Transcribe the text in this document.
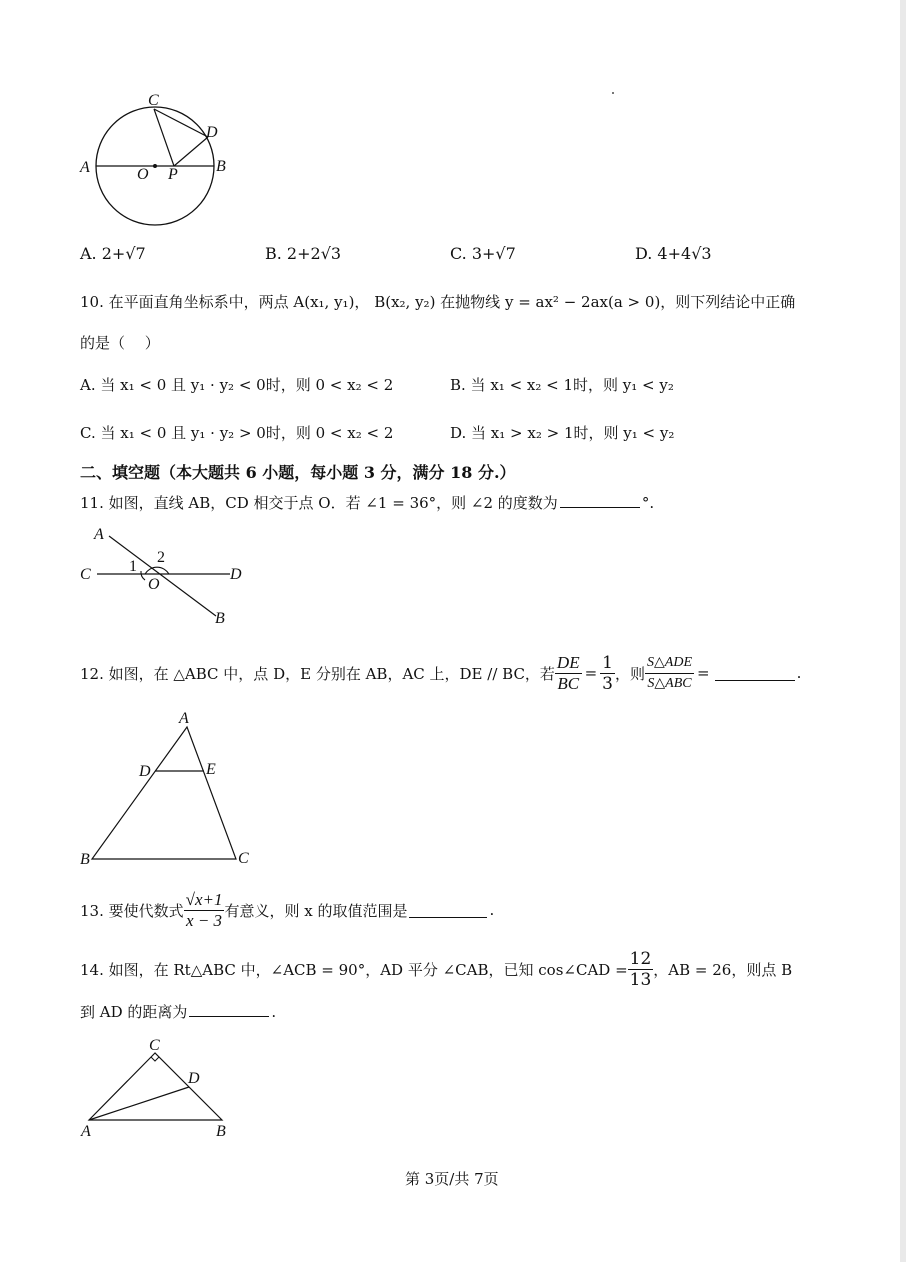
C
D
A	O P B
A. 2+√7	B. 2+2√3	C. 3+√7	D. 4+4√3
10. 在平面直角坐标系中，两点 A(x₁, y₁)， B(x₂, y₂) 在抛物线 y = ax² − 2ax(a > 0)，则下列结论中正确
的是（　 ）
A. 当 x₁ < 0 且 y₁ · y₂ < 0时，则 0 < x₂ < 2	B. 当 x₁ < x₂ < 1时，则 y₁ < y₂
C. 当 x₁ < 0 且 y₁ · y₂ > 0时，则 0 < x₂ < 2	D. 当 x₁ > x₂ > 1时，则 y₁ < y₂
二、填空题（本大题共 6 小题，每小题 3 分，满分 18 分.）
11. 如图，直线 AB，CD 相交于点 O．若 ∠1 = 36°，则 ∠2 的度数为	°.
A
2
C 1
O
D
B
12. 如图，在 △ABC 中，点 D，E 分别在 AB，AC 上，DE // BC，若 $\frac{DE}{BC} = \frac{1}{3}$ ，则 $\frac{\text{S△ADE}}{\text{S△ABC}}$ =	.
A
D	E
B	C
13. 要使代数式 $\frac{√x+1}{x - 3}$ 有意义，则 x 的取值范围是	.
14. 如图，在 Rt△ABC 中，∠ACB = 90°，AD 平分 ∠CAB，已知 cos∠CAD = $\frac{12}{13}$ ，AB = 26，则点 B
到 AD 的距离为	.
C
D
A	B
第 3页/共 7页
